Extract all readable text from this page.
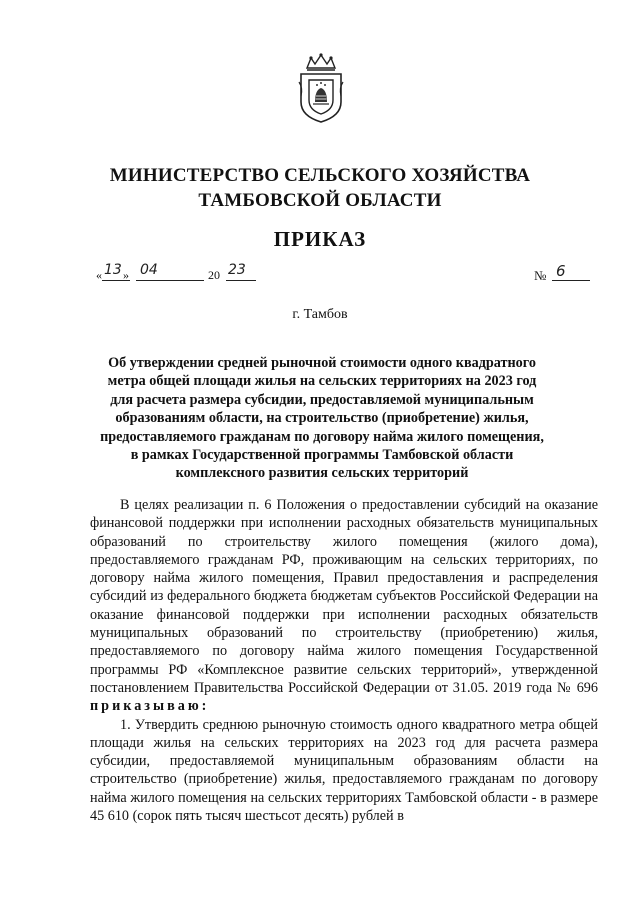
МИНИСТЕРСТВО СЕЛЬСКОГО ХОЗЯЙСТВА
ТАМБОВСКОЙ ОБЛАСТИ
ПРИКАЗ
« 13 » 04	20 23	№ 6
г. Тамбов
Об утверждении средней рыночной стоимости одного квадратного метра общей площади жилья на сельских территориях на 2023 год для расчета размера субсидии, предоставляемой муниципальным образованиям области, на строительство (приобретение) жилья, предоставляемого гражданам по договору найма жилого помещения, в рамках Государственной программы Тамбовской области комплексного развития сельских территорий

В целях реализации п. 6 Положения о предоставлении субсидий на оказание финансовой поддержки при исполнении расходных обязательств муниципальных образований по строительству жилого помещения (жилого дома), предоставляемого гражданам РФ, проживающим на сельских территориях, по договору найма жилого помещения, Правил предоставления и распределения субсидий из федерального бюджета бюджетам субъектов Российской Федерации на оказание финансовой поддержки при исполнении расходных обязательств муниципальных образований по строительству (приобретению) жилья, предоставляемого по договору найма жилого помещения Государственной программы РФ «Комплексное развитие сельских территорий», утвержденной постановлением Правительства Российской Федерации от 31.05. 2019 года № 696 приказываю:

1. Утвердить среднюю рыночную стоимость одного квадратного метра общей площади жилья на сельских территориях на 2023 год для расчета размера субсидии, предоставляемой муниципальным образованиям области на строительство (приобретение) жилья, предоставляемого гражданам по договору найма жилого помещения на сельских территориях Тамбовской области - в размере 45 610 (сорок пять тысяч шестьсот десять) рублей в
